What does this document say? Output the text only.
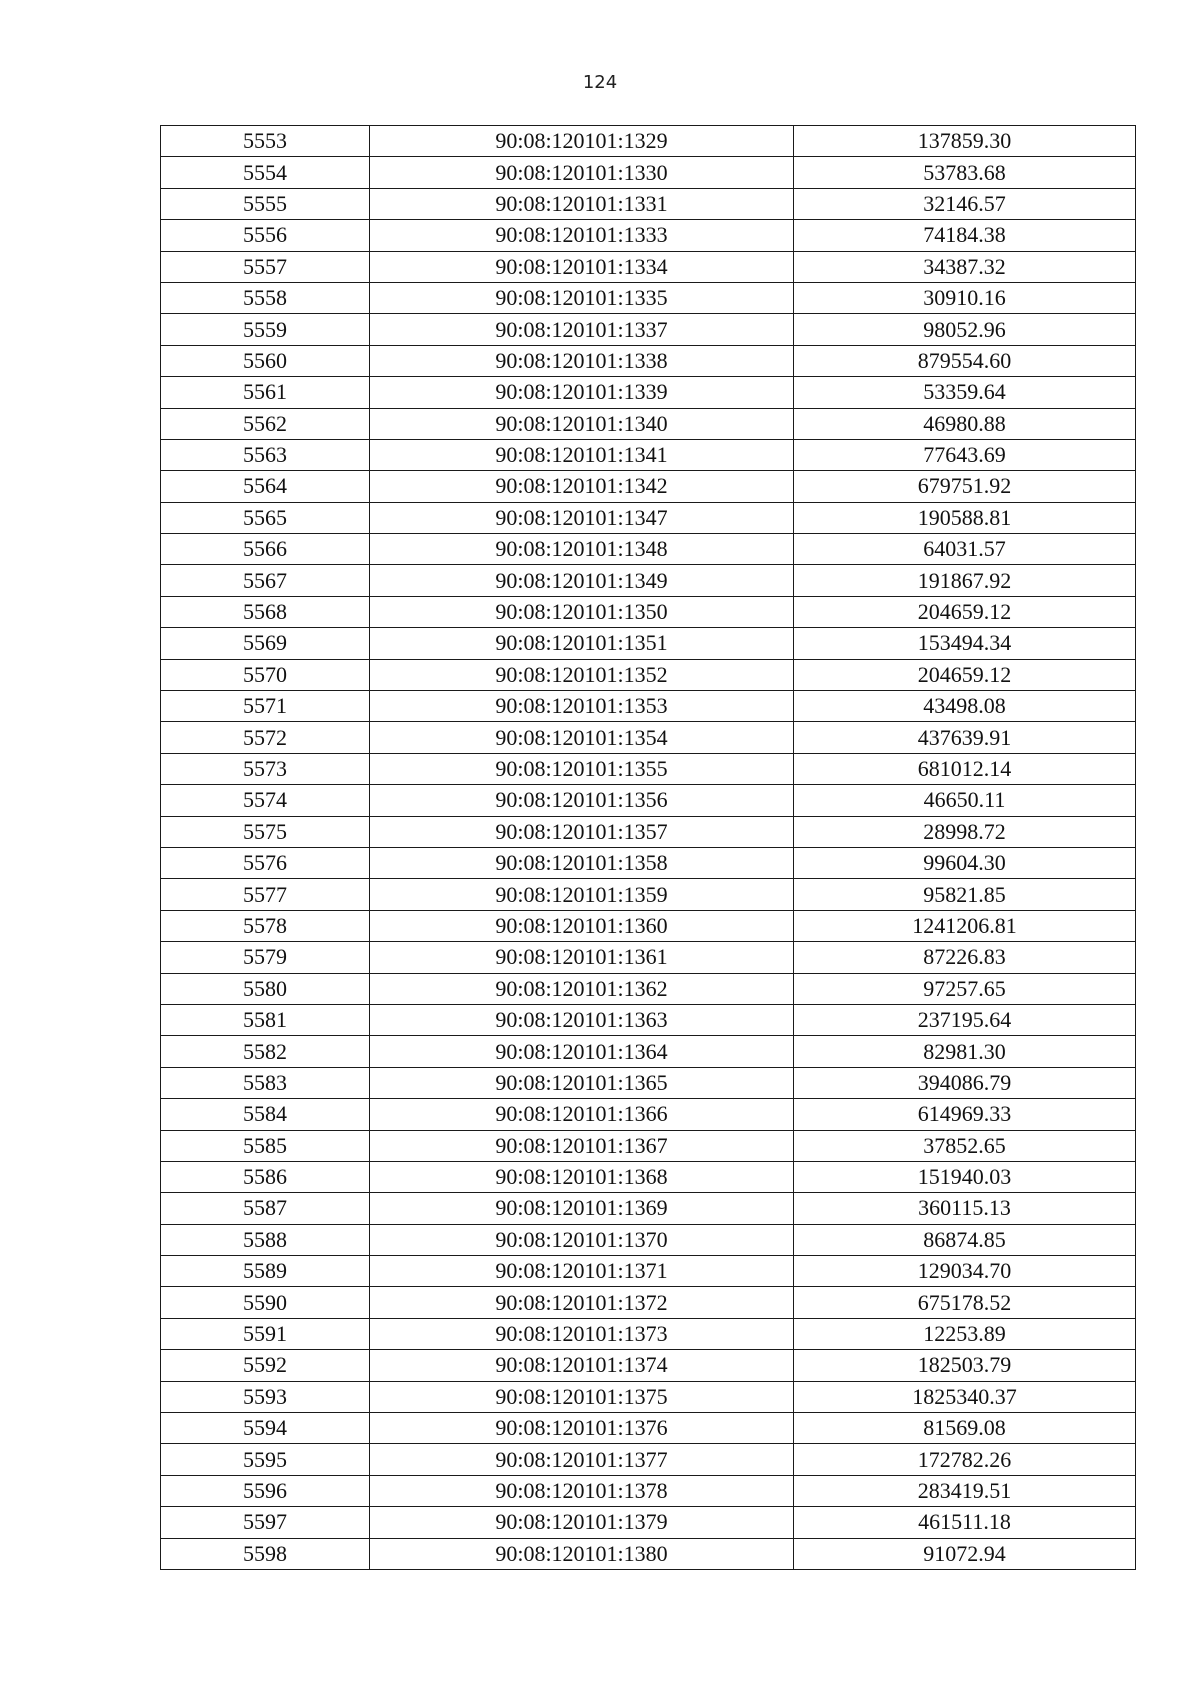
124
5553	90:08:120101:1329	137859.30
5554	90:08:120101:1330	53783.68
5555	90:08:120101:1331	32146.57
5556	90:08:120101:1333	74184.38
5557	90:08:120101:1334	34387.32
5558	90:08:120101:1335	30910.16
5559	90:08:120101:1337	98052.96
5560	90:08:120101:1338	879554.60
5561	90:08:120101:1339	53359.64
5562	90:08:120101:1340	46980.88
5563	90:08:120101:1341	77643.69
5564	90:08:120101:1342	679751.92
5565	90:08:120101:1347	190588.81
5566	90:08:120101:1348	64031.57
5567	90:08:120101:1349	191867.92
5568	90:08:120101:1350	204659.12
5569	90:08:120101:1351	153494.34
5570	90:08:120101:1352	204659.12
5571	90:08:120101:1353	43498.08
5572	90:08:120101:1354	437639.91
5573	90:08:120101:1355	681012.14
5574	90:08:120101:1356	46650.11
5575	90:08:120101:1357	28998.72
5576	90:08:120101:1358	99604.30
5577	90:08:120101:1359	95821.85
5578	90:08:120101:1360	1241206.81
5579	90:08:120101:1361	87226.83
5580	90:08:120101:1362	97257.65
5581	90:08:120101:1363	237195.64
5582	90:08:120101:1364	82981.30
5583	90:08:120101:1365	394086.79
5584	90:08:120101:1366	614969.33
5585	90:08:120101:1367	37852.65
5586	90:08:120101:1368	151940.03
5587	90:08:120101:1369	360115.13
5588	90:08:120101:1370	86874.85
5589	90:08:120101:1371	129034.70
5590	90:08:120101:1372	675178.52
5591	90:08:120101:1373	12253.89
5592	90:08:120101:1374	182503.79
5593	90:08:120101:1375	1825340.37
5594	90:08:120101:1376	81569.08
5595	90:08:120101:1377	172782.26
5596	90:08:120101:1378	283419.51
5597	90:08:120101:1379	461511.18
5598	90:08:120101:1380	91072.94
